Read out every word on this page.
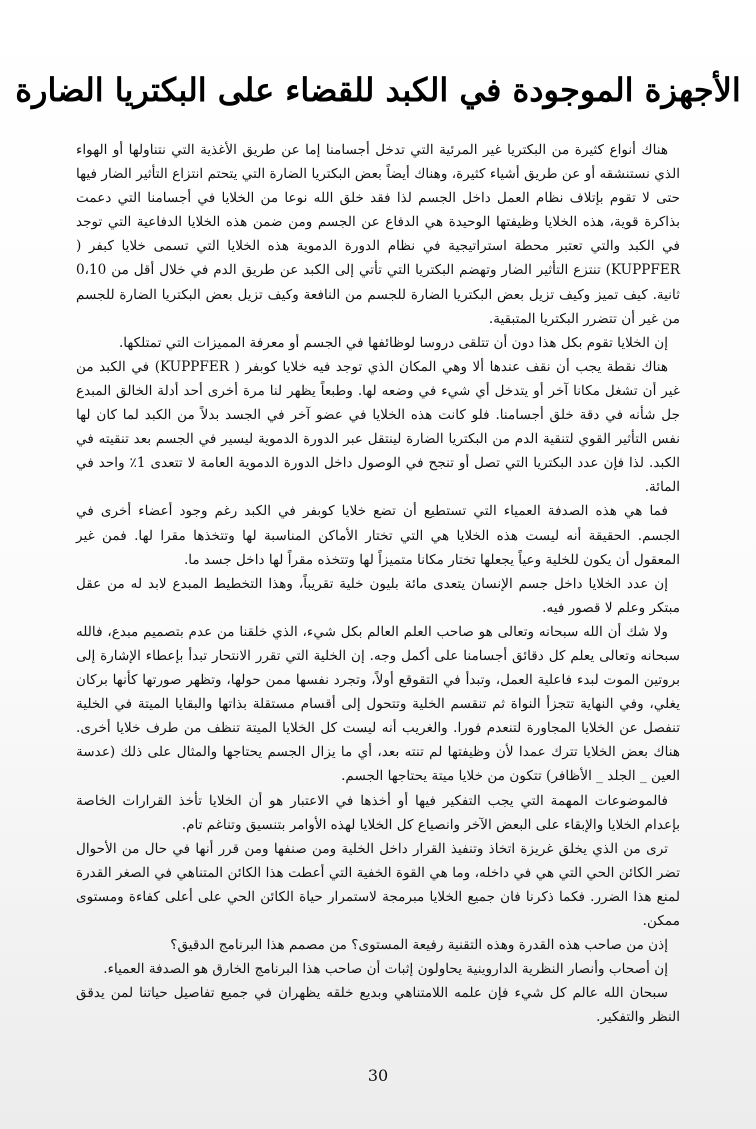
الأجهزة الموجودة في الكبد للقضاء على البكتريا الضارة

هناك أنواع كثيرة من البكتريا غير المرئية التي تدخل أجسامنا إما عن طريق الأغذية التي نتناولها أو الهواء الذي نستنشقه أو عن طريق أشياء كثيرة، وهناك أيضاً بعض البكتريا الضارة التي يتحتم انتزاع التأثير الضار فيها حتى لا تقوم بإتلاف نظام العمل داخل الجسم لذا فقد خلق الله نوعا من الخلايا في أجسامنا التي دعمت بذاكرة قوية، هذه الخلايا وظيفتها الوحيدة هي الدفاع عن الجسم ومن ضمن هذه الخلايا الدفاعية التي توجد في الكبد والتي تعتبر محطة استراتيجية في نظام الدورة الدموية هذه الخلايا التي تسمى خلايا كبفر ( KUPPFER) تنتزع التأثير الضار وتهضم البكتريا التي تأتي إلى الكبد عن طريق الدم في خلال أقل من 0،10 ثانية. كيف تميز وكيف تزيل بعض البكتريا الضارة للجسم من النافعة وكيف تزيل بعض البكتريا الضارة للجسم من غير أن تتضرر البكتريا المتبقية.

إن الخلايا تقوم بكل هذا دون أن تتلقى دروسا لوظائفها في الجسم أو معرفة المميزات التي تمتلكها.

هناك نقطة يجب أن نقف عندها ألا وهي المكان الذي توجد فيه خلايا كوبفر ( KUPPFER) في الكبد من غير أن تشغل مكانا آخر أو يتدخل أي شيء في وضعه لها. وطبعاً يظهر لنا مرة أخرى أحد أدلة الخالق المبدع جل شأنه في دقة خلق أجسامنا. فلو كانت هذه الخلايا في عضو آخر في الجسد بدلاً من الكبد لما كان لها نفس التأثير القوي لتنقية الدم من البكتريا الضارة لينتقل عبر الدورة الدموية ليسير في الجسم بعد تنقيته في الكبد. لذا فإن عدد البكتريا التي تصل أو تنجح في الوصول داخل الدورة الدموية العامة لا تتعدى 1٪ واحد في المائة.

فما هي هذه الصدفة العمياء التي تستطيع أن تضع خلايا كوبفر في الكبد رغم وجود أعضاء أخرى في الجسم. الحقيقة أنه ليست هذه الخلايا هي التي تختار الأماكن المناسبة لها وتتخذها مقرا لها. فمن غير المعقول أن يكون للخلية وعياً يجعلها تختار مكانا متميزاً لها وتتخذه مقراً لها داخل جسد ما.

إن عدد الخلايا داخل جسم الإنسان يتعدى مائة بليون خلية تقريباً، وهذا التخطيط المبدع لابد له من عقل مبتكر وعلم لا قصور فيه.

ولا شك أن الله سبحانه وتعالى هو صاحب العلم العالم بكل شيء، الذي خلقنا من عدم بتصميم مبدع، فالله سبحانه وتعالى يعلم كل دقائق أجسامنا على أكمل وجه. إن الخلية التي تقرر الانتحار تبدأ بإعطاء الإشارة إلى بروتين الموت لبدء فاعلية العمل، وتبدأ في التقوقع أولاً، وتجرد نفسها ممن حولها، وتظهر صورتها كأنها بركان يغلي، وفي النهاية تتجزأ النواة ثم تنقسم الخلية وتتحول إلى أقسام مستقلة بذاتها والبقايا الميتة في الخلية تنفصل عن الخلايا المجاورة لتنعدم فورا. والغريب أنه ليست كل الخلايا الميتة تنظف من طرف خلايا أخرى. هناك بعض الخلايا تترك عمدا لأن وظيفتها لم تنته بعد، أي ما يزال الجسم يحتاجها والمثال على ذلك (عدسة العين _ الجلد _ الأظافر) تتكون من خلايا ميتة يحتاجها الجسم.

فالموضوعات المهمة التي يجب التفكير فيها أو أخذها في الاعتبار هو أن الخلايا تأخذ القرارات الخاصة بإعدام الخلايا والإبقاء على البعض الآخر وانصياع كل الخلايا لهذه الأوامر بتنسيق وتناغم تام.

ترى من الذي يخلق غريزة اتخاذ وتنفيذ القرار داخل الخلية ومن صنفها ومن قرر أنها في حال من الأحوال تضر الكائن الحي التي هي في داخله، وما هي القوة الخفية التي أعطت هذا الكائن المتناهي في الصغر القدرة لمنع هذا الضرر. فكما ذكرنا فان جميع الخلايا مبرمجة لاستمرار حياة الكائن الحي على أعلى كفاءة ومستوى ممكن.

إذن من صاحب هذه القدرة وهذه التقنية رفيعة المستوى؟ من مصمم هذا البرنامج الدقيق؟

إن أصحاب وأنصار النظرية الداروينية يحاولون إثبات أن صاحب هذا البرنامج الخارق هو الصدفة العمياء.

سبحان الله عالم كل شيء فإن علمه اللامتناهي وبديع خلقه يظهران في جميع تفاصيل حياتنا لمن يدقق النظر والتفكير.

30
